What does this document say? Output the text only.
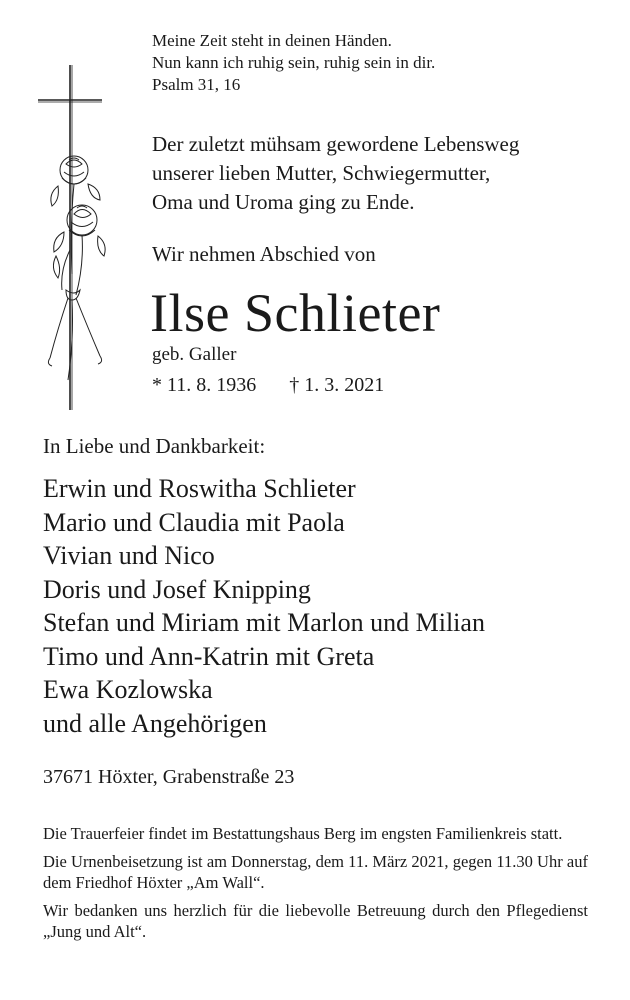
Meine Zeit steht in deinen Händen.
Nun kann ich ruhig sein, ruhig sein in dir.
Psalm 31, 16
Der zuletzt mühsam gewordene Lebensweg
unserer lieben Mutter, Schwiegermutter,
Oma und Uroma ging zu Ende.
Wir nehmen Abschied von
Ilse Schlieter
geb. Galler
* 11. 8. 1936 † 1. 3. 2021
In Liebe und Dankbarkeit:
Erwin und Roswitha Schlieter
Mario und Claudia mit Paola
Vivian und Nico
Doris und Josef Knipping
Stefan und Miriam mit Marlon und Milian
Timo und Ann-Katrin mit Greta
Ewa Kozlowska
und alle Angehörigen
37671 Höxter, Grabenstraße 23

Die Trauerfeier findet im Bestattungshaus Berg im engsten Familienkreis statt.

Die Urnenbeisetzung ist am Donnerstag, dem 11. März 2021, gegen 11.30 Uhr auf dem Friedhof Höxter „Am Wall“.

Wir bedanken uns herzlich für die liebevolle Betreuung durch den Pflegedienst „Jung und Alt“.
